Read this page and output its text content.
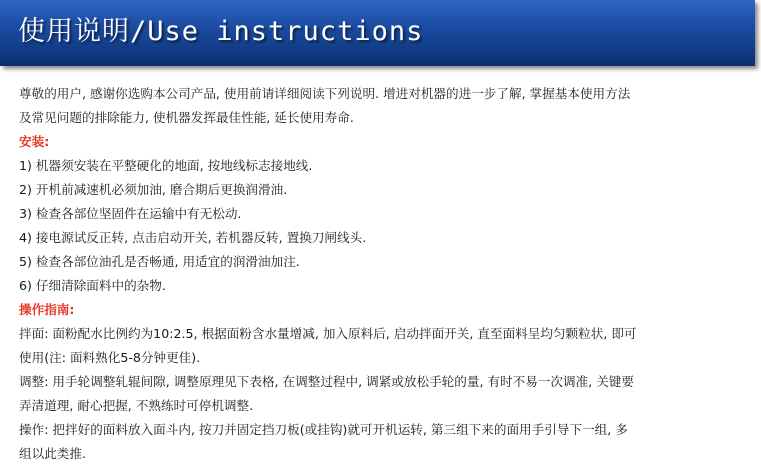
使用说明/Use instructions
尊敬的用户, 感谢你选购本公司产品, 使用前请详细阅读下列说明. 增进对机器的进一步了解, 掌握基本使用方法
及常见问题的排除能力, 使机器发挥最佳性能, 延长使用寿命.
安装:
1) 机器须安装在平整硬化的地面, 按地线标志接地线.
2) 开机前减速机必须加油, 磨合期后更换润滑油.
3) 检查各部位坚固件在运输中有无松动.
4) 接电源试反正转, 点击启动开关, 若机器反转, 置换刀闸线头.
5) 检查各部位油孔是否畅通, 用适宜的润滑油加注.
6) 仔细清除面料中的杂物.
操作指南:
拌面: 面粉配水比例约为10:2.5, 根据面粉含水量增减, 加入原料后, 启动拌面开关, 直至面料呈均匀颗粒状, 即可
使用(注: 面料熟化5-8分钟更佳).
调整: 用手轮调整轧辊间隙, 调整原理见下表格, 在调整过程中, 调紧或放松手轮的量, 有时不易一次调准, 关键要
弄清道理, 耐心把握, 不熟练时可停机调整.
操作: 把拌好的面料放入面斗内, 按刀并固定挡刀板(或挂钩)就可开机运转, 第三组下来的面用手引导下一组, 多
组以此类推.
